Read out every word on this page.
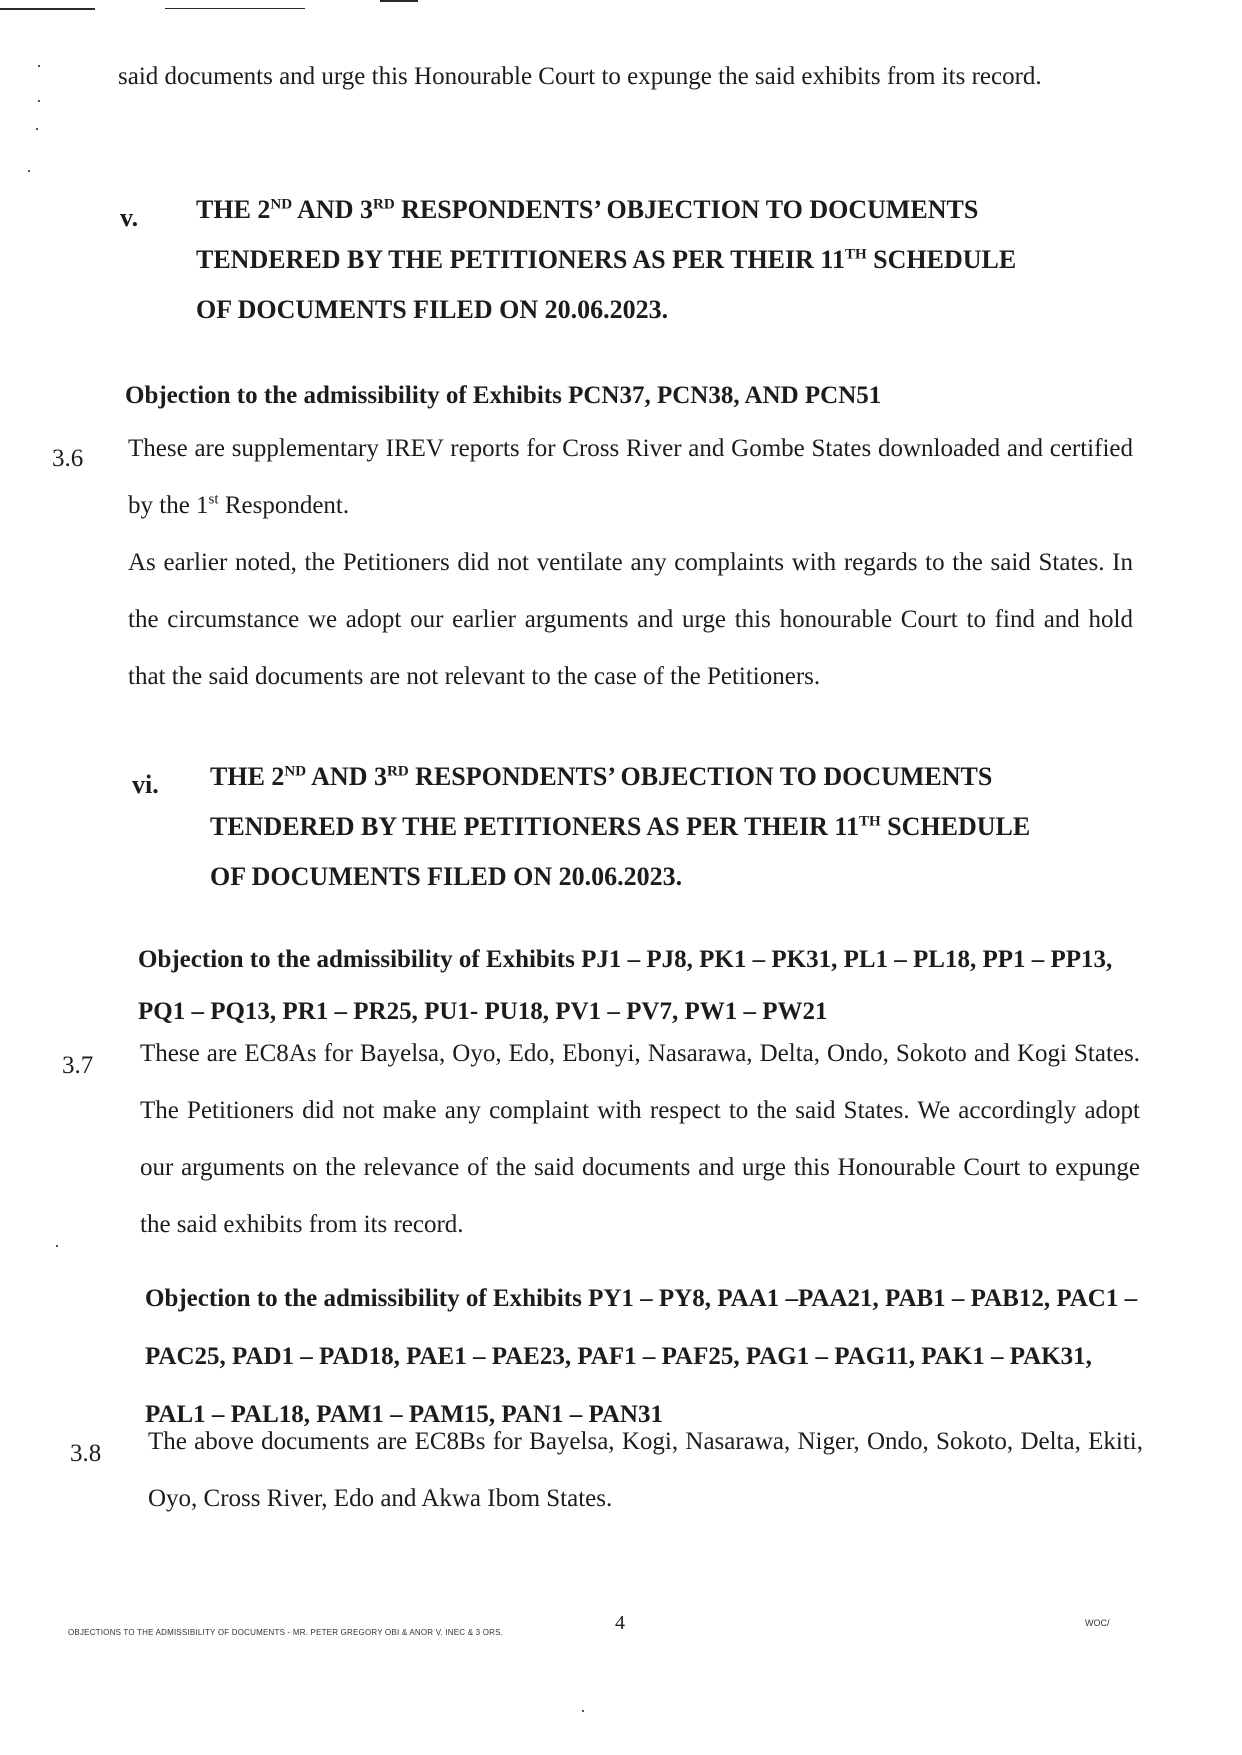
said documents and urge this Honourable Court to expunge the said exhibits from its record.
v. THE 2ND AND 3RD RESPONDENTS’ OBJECTION TO DOCUMENTS
TENDERED BY THE PETITIONERS AS PER THEIR 11TH SCHEDULE
OF DOCUMENTS FILED ON 20.06.2023.
Objection to the admissibility of Exhibits PCN37, PCN38, AND PCN51
3.6 These are supplementary IREV reports for Cross River and Gombe States downloaded and certified by the 1st Respondent.
As earlier noted, the Petitioners did not ventilate any complaints with regards to the said States. In the circumstance we adopt our earlier arguments and urge this honourable Court to find and hold that the said documents are not relevant to the case of the Petitioners.
vi. THE 2ND AND 3RD RESPONDENTS’ OBJECTION TO DOCUMENTS
TENDERED BY THE PETITIONERS AS PER THEIR 11TH SCHEDULE
OF DOCUMENTS FILED ON 20.06.2023.
Objection to the admissibility of Exhibits PJ1 – PJ8, PK1 – PK31, PL1 – PL18, PP1 – PP13, PQ1 – PQ13, PR1 – PR25, PU1- PU18, PV1 – PV7, PW1 – PW21
3.7 These are EC8As for Bayelsa, Oyo, Edo, Ebonyi, Nasarawa, Delta, Ondo, Sokoto and Kogi States. The Petitioners did not make any complaint with respect to the said States. We accordingly adopt our arguments on the relevance of the said documents and urge this Honourable Court to expunge the said exhibits from its record.
Objection to the admissibility of Exhibits PY1 – PY8, PAA1 –PAA21, PAB1 – PAB12, PAC1 – PAC25, PAD1 – PAD18, PAE1 – PAE23, PAF1 – PAF25, PAG1 – PAG11, PAK1 – PAK31, PAL1 – PAL18, PAM1 – PAM15, PAN1 – PAN31
3.8 The above documents are EC8Bs for Bayelsa, Kogi, Nasarawa, Niger, Ondo, Sokoto, Delta, Ekiti, Oyo, Cross River, Edo and Akwa Ibom States.
OBJECTIONS TO THE ADMISSIBILITY OF DOCUMENTS - MR. PETER GREGORY OBI & ANOR V. INEC & 3 ORS.	4	WOC/
